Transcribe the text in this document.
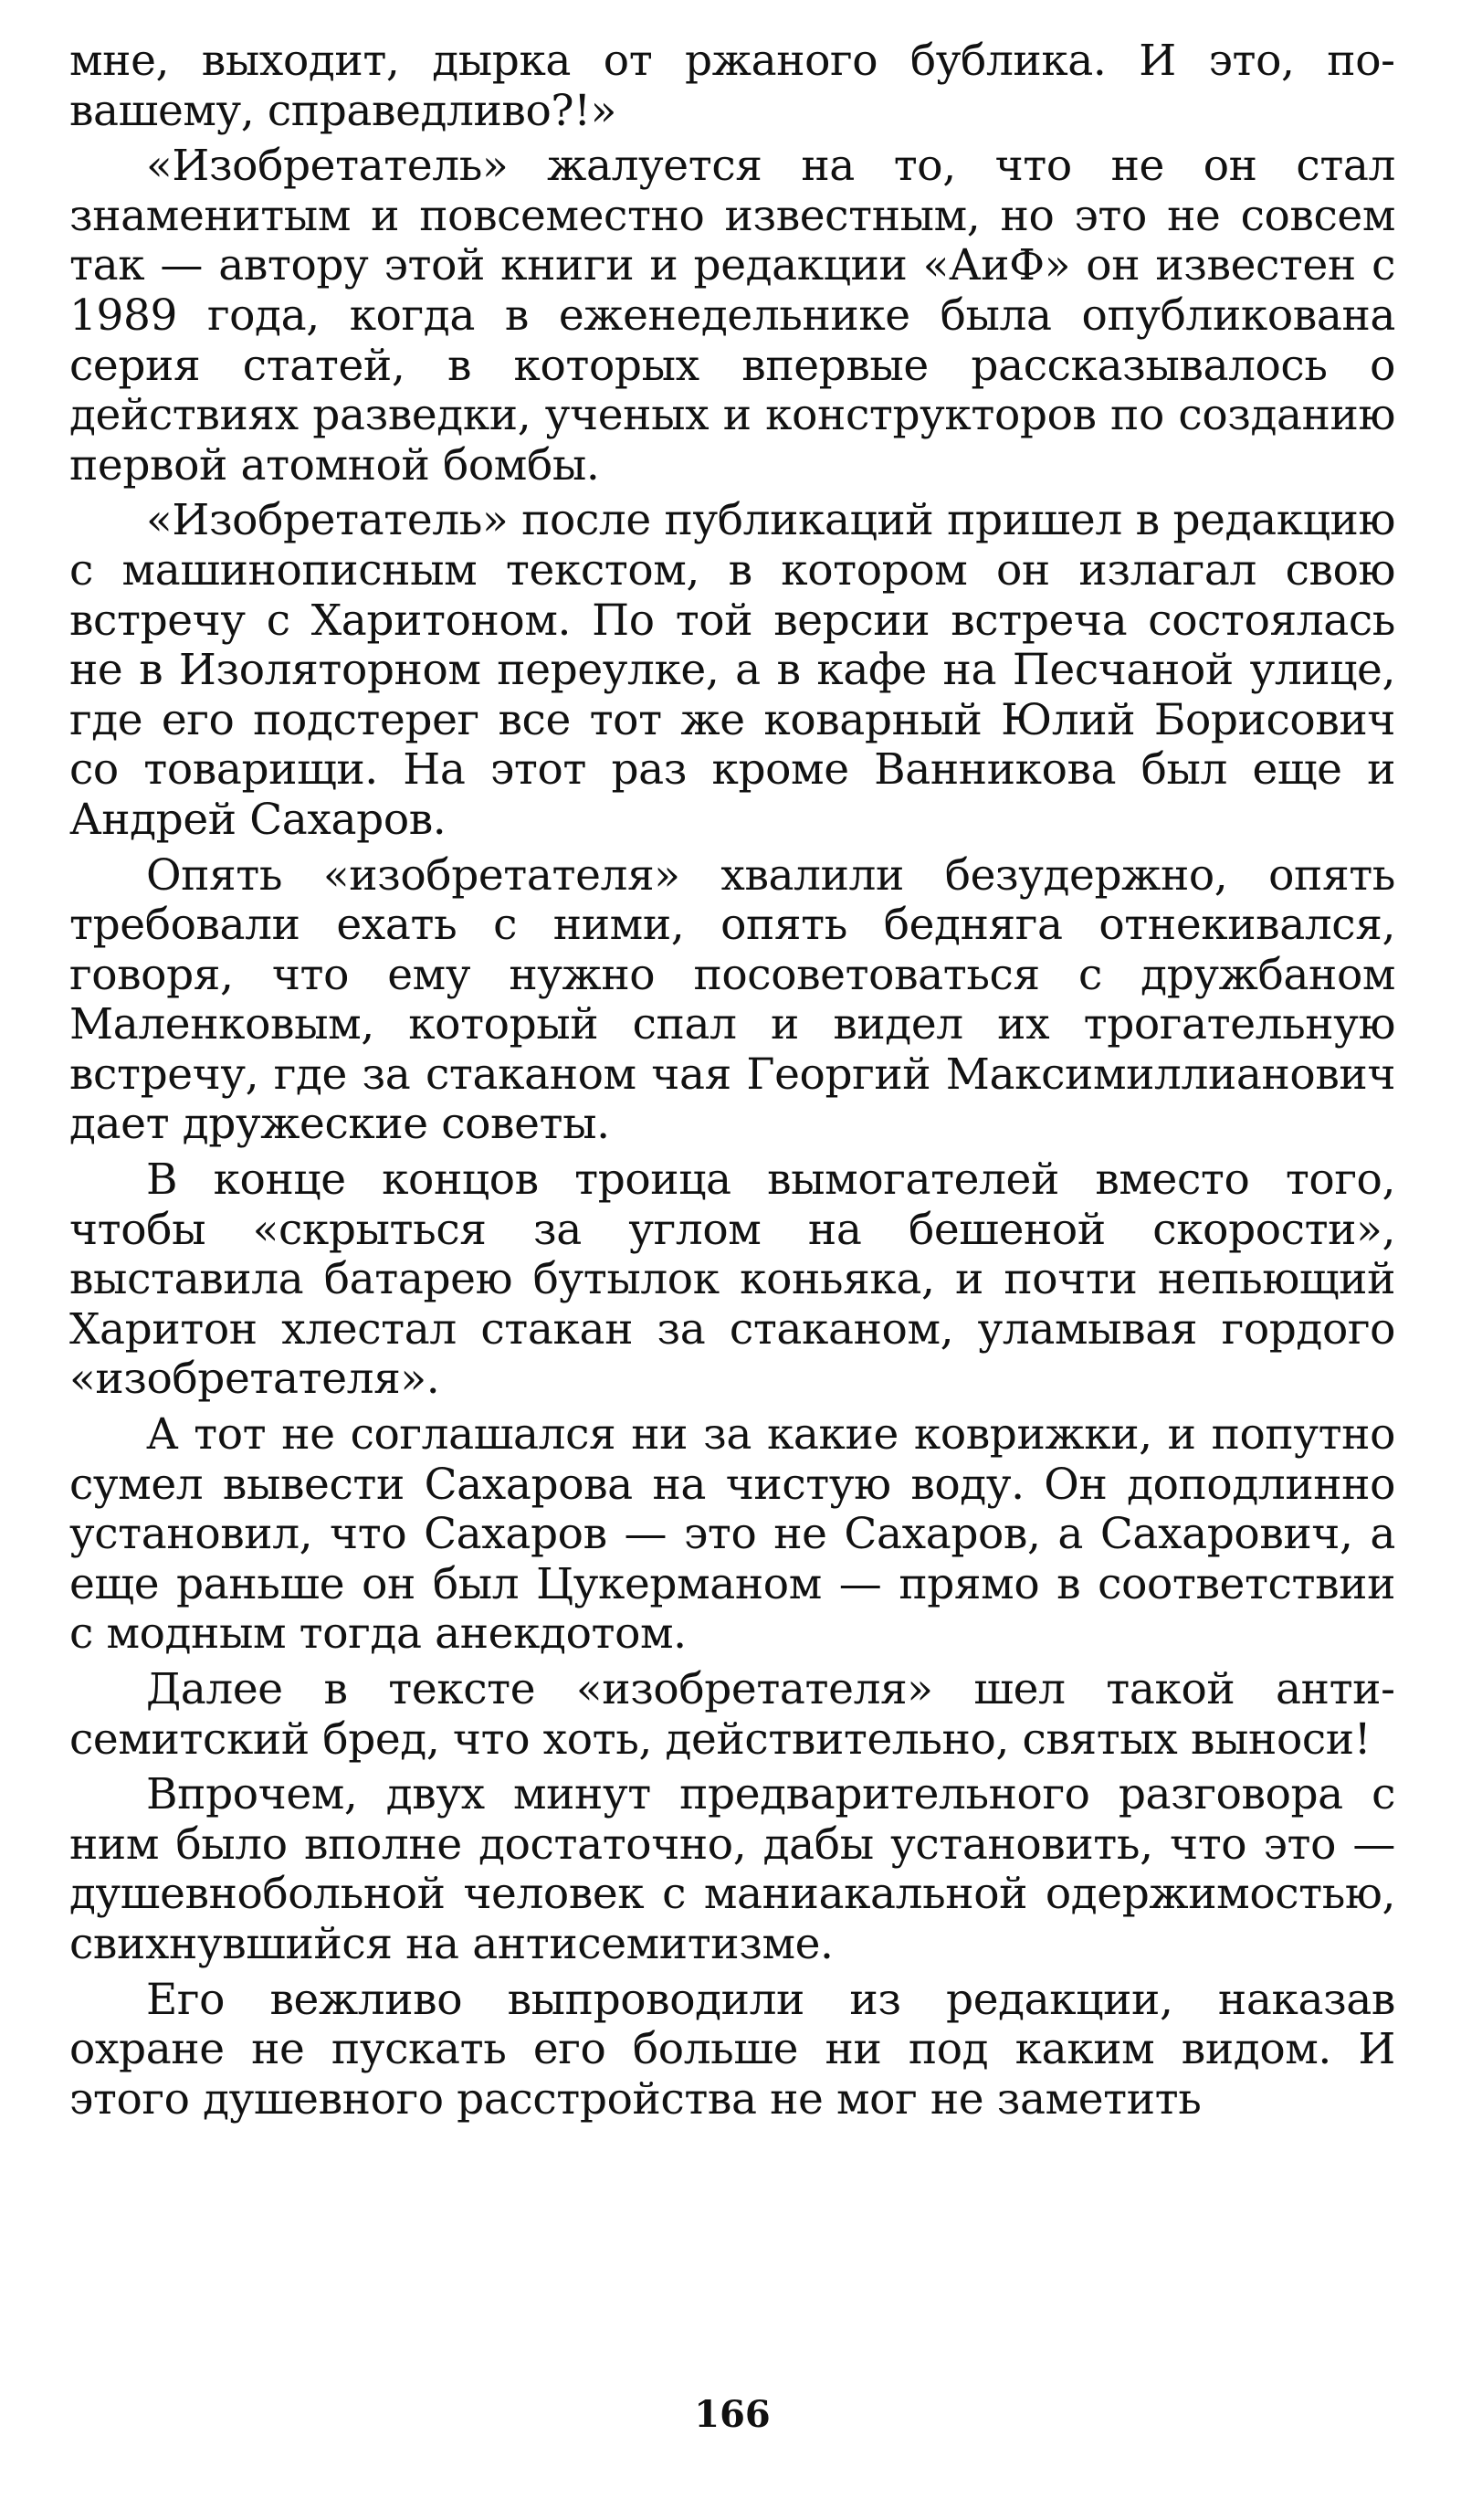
мне, выходит, дырка от ржаного бублика. И это, повашему, справедливо?!»

«Изобретатель» жалуется на то, что не он стал знаменитым и повсеместно известным, но это не совсем так — автору этой книги и редакции «АиФ» он известен с 1989 года, когда в еженедельнике была опубликована серия статей, в которых впервые рассказывалось о действиях разведки, ученых и конструкторов по созданию первой атомной бомбы.

«Изобретатель» после публикаций пришел в редакцию с машинописным текстом, в котором он излагал свою встречу с Харитоном. По той версии встреча состоялась не в Изоляторном переулке, а в кафе на Песчаной улице, где его подстерег все тот же коварный Юлий Борисович со товарищи. На этот раз кроме Ванникова был еще и Андрей Сахаров.

Опять «изобретателя» хвалили безудержно, опять требовали ехать с ними, опять бедняга отнекивался, говоря, что ему нужно посоветоваться с дружбаном Маленковым, который спал и видел их трогательную встречу, где за стаканом чая Георгий Максимиллианович дает дружеские советы.

В конце концов троица вымогателей вместо того, чтобы «скрыться за углом на бешеной скорости», выставила батарею бутылок коньяка, и почти непьющий Харитон хлестал стакан за стаканом, уламывая гордого «изобретателя».

А тот не соглашался ни за какие коврижки, и попутно сумел вывести Сахарова на чистую воду. Он доподлинно установил, что Сахаров — это не Сахаров, а Сахарович, а еще раньше он был Цукерманом — прямо в соответствии с модным тогда анекдотом.

Далее в тексте «изобретателя» шел такой антисемитский бред, что хоть, действительно, святых выноси!

Впрочем, двух минут предварительного разговора с ним было вполне достаточно, дабы установить, что это — душевнобольной человек с маниакальной одержимостью, свихнувшийся на антисемитизме.

Его вежливо выпроводили из редакции, наказав охране не пускать его больше ни под каким видом. И этого душевного расстройства не мог не заметить

166
